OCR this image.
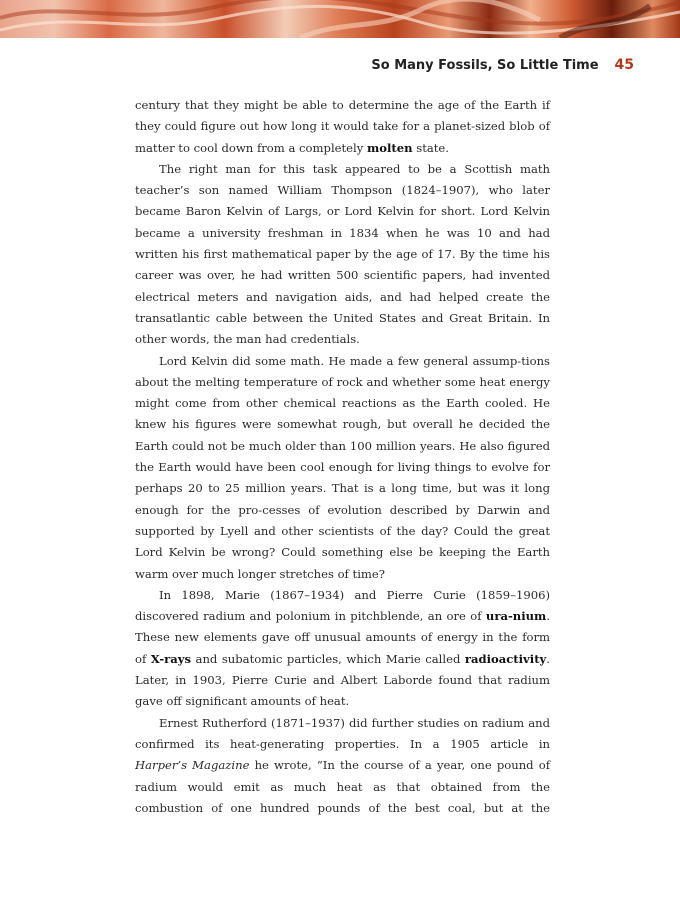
So Many Fossils, So Little Time 45

century that they might be able to determine the age of the Earth if they could figure out how long it would take for a planet-sized blob of matter to cool down from a completely molten state.

The right man for this task appeared to be a Scottish math teacher’s son named William Thompson (1824–1907), who later became Baron Kelvin of Largs, or Lord Kelvin for short. Lord Kelvin became a university freshman in 1834 when he was 10 and had written his first mathematical paper by the age of 17. By the time his career was over, he had written 500 scientific papers, had invented electrical meters and navigation aids, and had helped create the transatlantic cable between the United States and Great Britain. In other words, the man had credentials.

Lord Kelvin did some math. He made a few general assump-tions about the melting temperature of rock and whether some heat energy might come from other chemical reactions as the Earth cooled. He knew his figures were somewhat rough, but overall he decided the Earth could not be much older than 100 million years. He also figured the Earth would have been cool enough for living things to evolve for perhaps 20 to 25 million years. That is a long time, but was it long enough for the pro-cesses of evolution described by Darwin and supported by Lyell and other scientists of the day? Could the great Lord Kelvin be wrong? Could something else be keeping the Earth warm over much longer stretches of time?

In 1898, Marie (1867–1934) and Pierre Curie (1859–1906) discovered radium and polonium in pitchblende, an ore of ura-nium. These new elements gave off unusual amounts of energy in the form of X-rays and subatomic particles, which Marie called radioactivity. Later, in 1903, Pierre Curie and Albert Laborde found that radium gave off significant amounts of heat.

Ernest Rutherford (1871–1937) did further studies on radium and confirmed its heat-generating properties. In a 1905 article in Harper’s Magazine he wrote, “In the course of a year, one pound of radium would emit as much heat as that obtained from the combustion of one hundred pounds of the best coal, but at the
